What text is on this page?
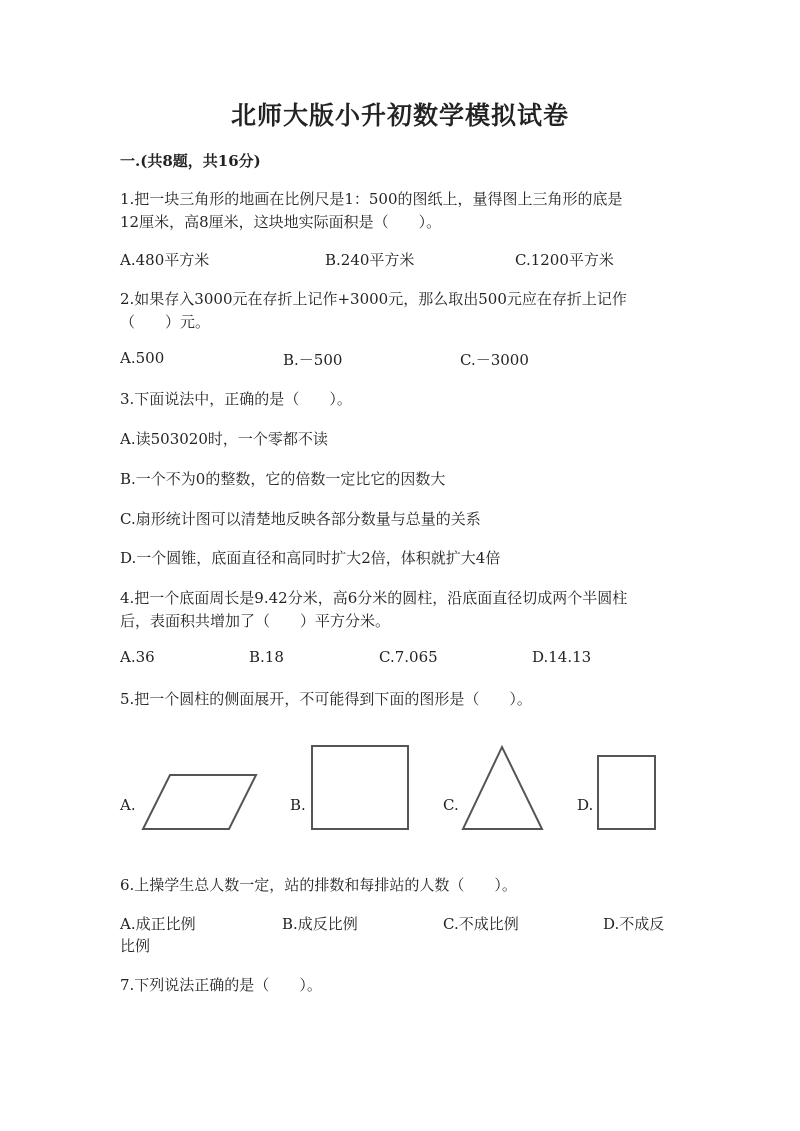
北师大版小升初数学模拟试卷
一.(共8题，共16分)
1.把一块三角形的地画在比例尺是1：500的图纸上，量得图上三角形的底是
12厘米，高8厘米，这块地实际面积是（　　）。
A.480平方米	B.240平方米	C.1200平方米
2.如果存入3000元在存折上记作+3000元，那么取出500元应在存折上记作
（　　）元。
A.500	B.－500	C.－3000
3.下面说法中，正确的是（　　）。
A.读503020时，一个零都不读
B.一个不为0的整数，它的倍数一定比它的因数大
C.扇形统计图可以清楚地反映各部分数量与总量的关系
D.一个圆锥，底面直径和高同时扩大2倍，体积就扩大4倍
4.把一个底面周长是9.42分米，高6分米的圆柱，沿底面直径切成两个半圆柱
后，表面积共增加了（　　）平方分米。
A.36	B.18	C.7.065	D.14.13
5.把一个圆柱的侧面展开，不可能得到下面的图形是（　　）。
A.	B.	C.	D.
6.上操学生总人数一定，站的排数和每排站的人数（　　）。
A.成正比例	B.成反比例	C.不成比例	D.不成反
比例
7.下列说法正确的是（　　）。
